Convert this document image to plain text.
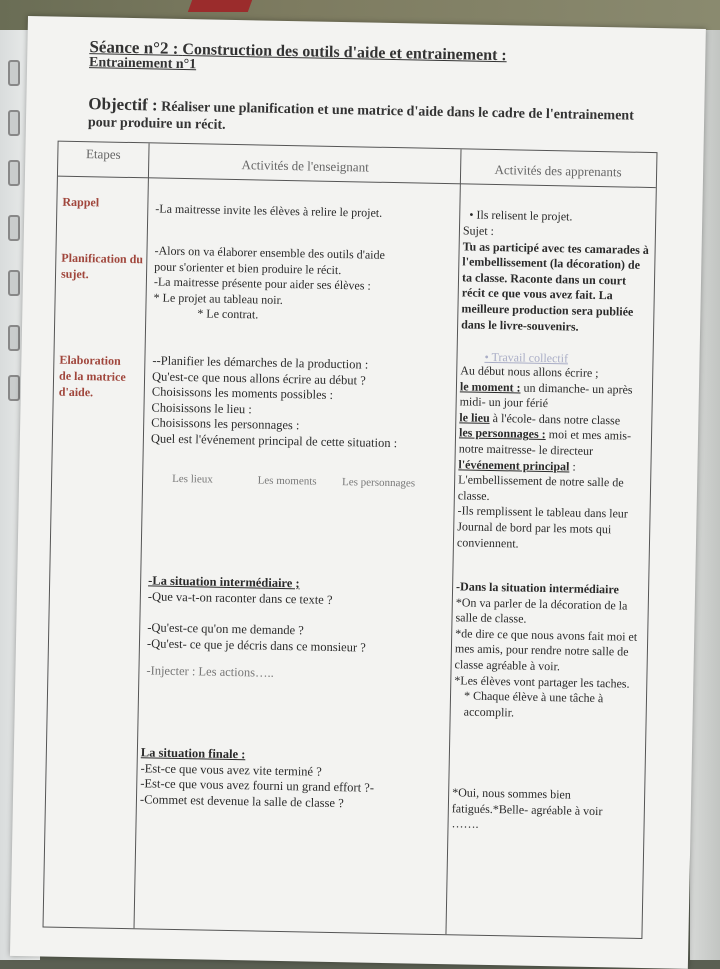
Séance n°2 : Construction des outils d'aide et entrainement :
Entrainement n°1
Objectif : Réaliser une planification et une matrice d'aide dans le cadre de l'entrainement pour produire un récit.
Etapes
Activités de l'enseignant	Activités des apprenants
Rappel
Planification du sujet.
Elaboration de la matrice d'aide.
-La maitresse invite les élèves à relire le projet.
-Alors on va élaborer ensemble des outils d'aide
pour s'orienter et bien produire le récit.
-La maitresse présente pour aider ses élèves :
* Le projet au tableau noir.
* Le contrat.
--Planifier les démarches de la production :
Qu'est-ce que nous allons écrire au début ?
Choisissons les moments possibles :
Choisissons le lieu :
Choisissons les personnages :
Quel est l'événement principal de cette situation :
Les lieux	Les moments Les personnages
-La situation intermédiaire ;
-Que va-t-on raconter dans ce texte ?
-Qu'est-ce qu'on me demande ?
-Qu'est- ce que je décris dans ce monsieur ?
-Injecter : Les actions…..
La situation finale :
-Est-ce que vous avez vite terminé ?
-Est-ce que vous avez fourni un grand effort ?-
-Commet est devenue la salle de classe ?
• Ils relisent le projet.
Sujet :
Tu as participé avec tes camarades à l'embellissement (la décoration) de ta classe. Raconte dans un court récit ce que vous avez fait. La meilleure production sera publiée dans le livre-souvenirs.
• Travail collectif
Au début nous allons écrire ;
le moment : un dimanche- un après midi- un jour férié
le lieu à l'école- dans notre classe
les personnages : moi et mes amis- notre maitresse- le directeur
l'événement principal : L'embellissement de notre salle de classe.
-Ils remplissent le tableau dans leur Journal de bord par les mots qui conviennent.
-Dans la situation intermédiaire
*On va parler de la décoration de la salle de classe.
*de dire ce que nous avons fait moi et mes amis, pour rendre notre salle de classe agréable à voir.
*Les élèves vont partager les taches.
* Chaque élève à une tâche à accomplir.
*Oui, nous sommes bien fatigués.*Belle- agréable à voir
…….
